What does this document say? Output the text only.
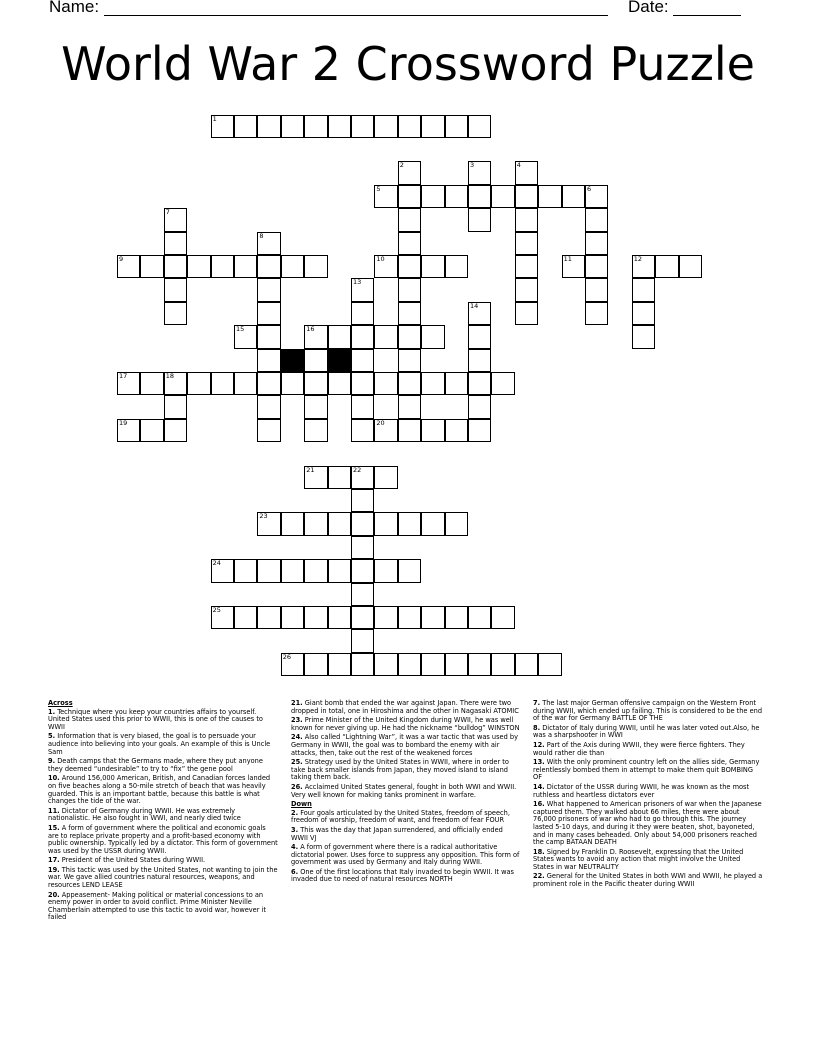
Name:	Date:
World War 2 Crossword Puzzle
1
2	3	4
5	6
7
8
9	10	11	12
13
14
15	16
17	18
19	20
21	22
23
24
25
26
Across
1. Technique where you keep your countries affairs to yourself. United States used this prior to WWII, this is one of the causes to WWII
5. Information that is very biased, the goal is to persuade your audience into believing into your goals. An example of this is Uncle Sam
9. Death camps that the Germans made, where they put anyone they deemed “undesirable” to try to “fix” the gene pool
10. Around 156,000 American, British, and Canadian forces landed on five beaches along a 50-mile stretch of beach that was heavily guarded. This is an important battle, because this battle is what changes the tide of the war.
11. Dictator of Germany during WWII. He was extremely nationalistic. He also fought in WWI, and nearly died twice
15. A form of government where the political and economic goals are to replace private property and a profit-based economy with public ownership. Typically led by a dictator. This form of government was used by the USSR during WWII.
17. President of the United States during WWII.
19. This tactic was used by the United States, not wanting to join the war. We gave allied countries natural resources, weapons, and resources LEND LEASE
20. Appeasement- Making political or material concessions to an enemy power in order to avoid conflict. Prime Minister Neville Chamberlain attempted to use this tactic to avoid war, however it failed
21. Giant bomb that ended the war against Japan. There were two dropped in total, one in Hiroshima and the other in Nagasaki ATOMIC
23. Prime Minister of the United Kingdom during WWII, he was well known for never giving up. He had the nickname “bulldog” WINSTON
24. Also called “Lightning War”, it was a war tactic that was used by Germany in WWII, the goal was to bombard the enemy with air attacks, then, take out the rest of the weakened forces
25. Strategy used by the United States in WWII, where in order to take back smaller islands from Japan, they moved island to island taking them back.
26. Acclaimed United States general, fought in both WWI and WWII. Very well known for making tanks prominent in warfare.
Down
2. Four goals articulated by the United States, freedom of speech, freedom of worship, freedom of want, and freedom of fear FOUR
3. This was the day that Japan surrendered, and officially ended WWII VJ
4. A form of government where there is a radical authoritative dictatorial power. Uses force to suppress any opposition. This form of government was used by Germany and Italy during WWII.
6. One of the first locations that Italy invaded to begin WWII. It was invaded due to need of natural resources NORTH
7. The last major German offensive campaign on the Western Front during WWII, which ended up failing. This is considered to be the end of the war for Germany BATTLE OF THE
8. Dictator of Italy during WWII, until he was later voted out.Also, he was a sharpshooter in WWI
12. Part of the Axis during WWII, they were fierce fighters. They would rather die than
13. With the only prominent country left on the allies side, Germany relentlessly bombed them in attempt to make them quit BOMBING OF
14. Dictator of the USSR during WWII, he was known as the most ruthless and heartless dictators ever
16. What happened to American prisoners of war when the Japanese captured them. They walked about 66 miles, there were about 76,000 prisoners of war who had to go through this. The journey lasted 5-10 days, and during it they were beaten, shot, bayoneted, and in many cases beheaded. Only about 54,000 prisoners reached the camp BATAAN DEATH
18. Signed by Franklin D. Roosevelt, expressing that the United States wants to avoid any action that might involve the United States in war NEUTRALITY
22. General for the United States in both WWI and WWII, he played a prominent role in the Pacific theater during WWII
